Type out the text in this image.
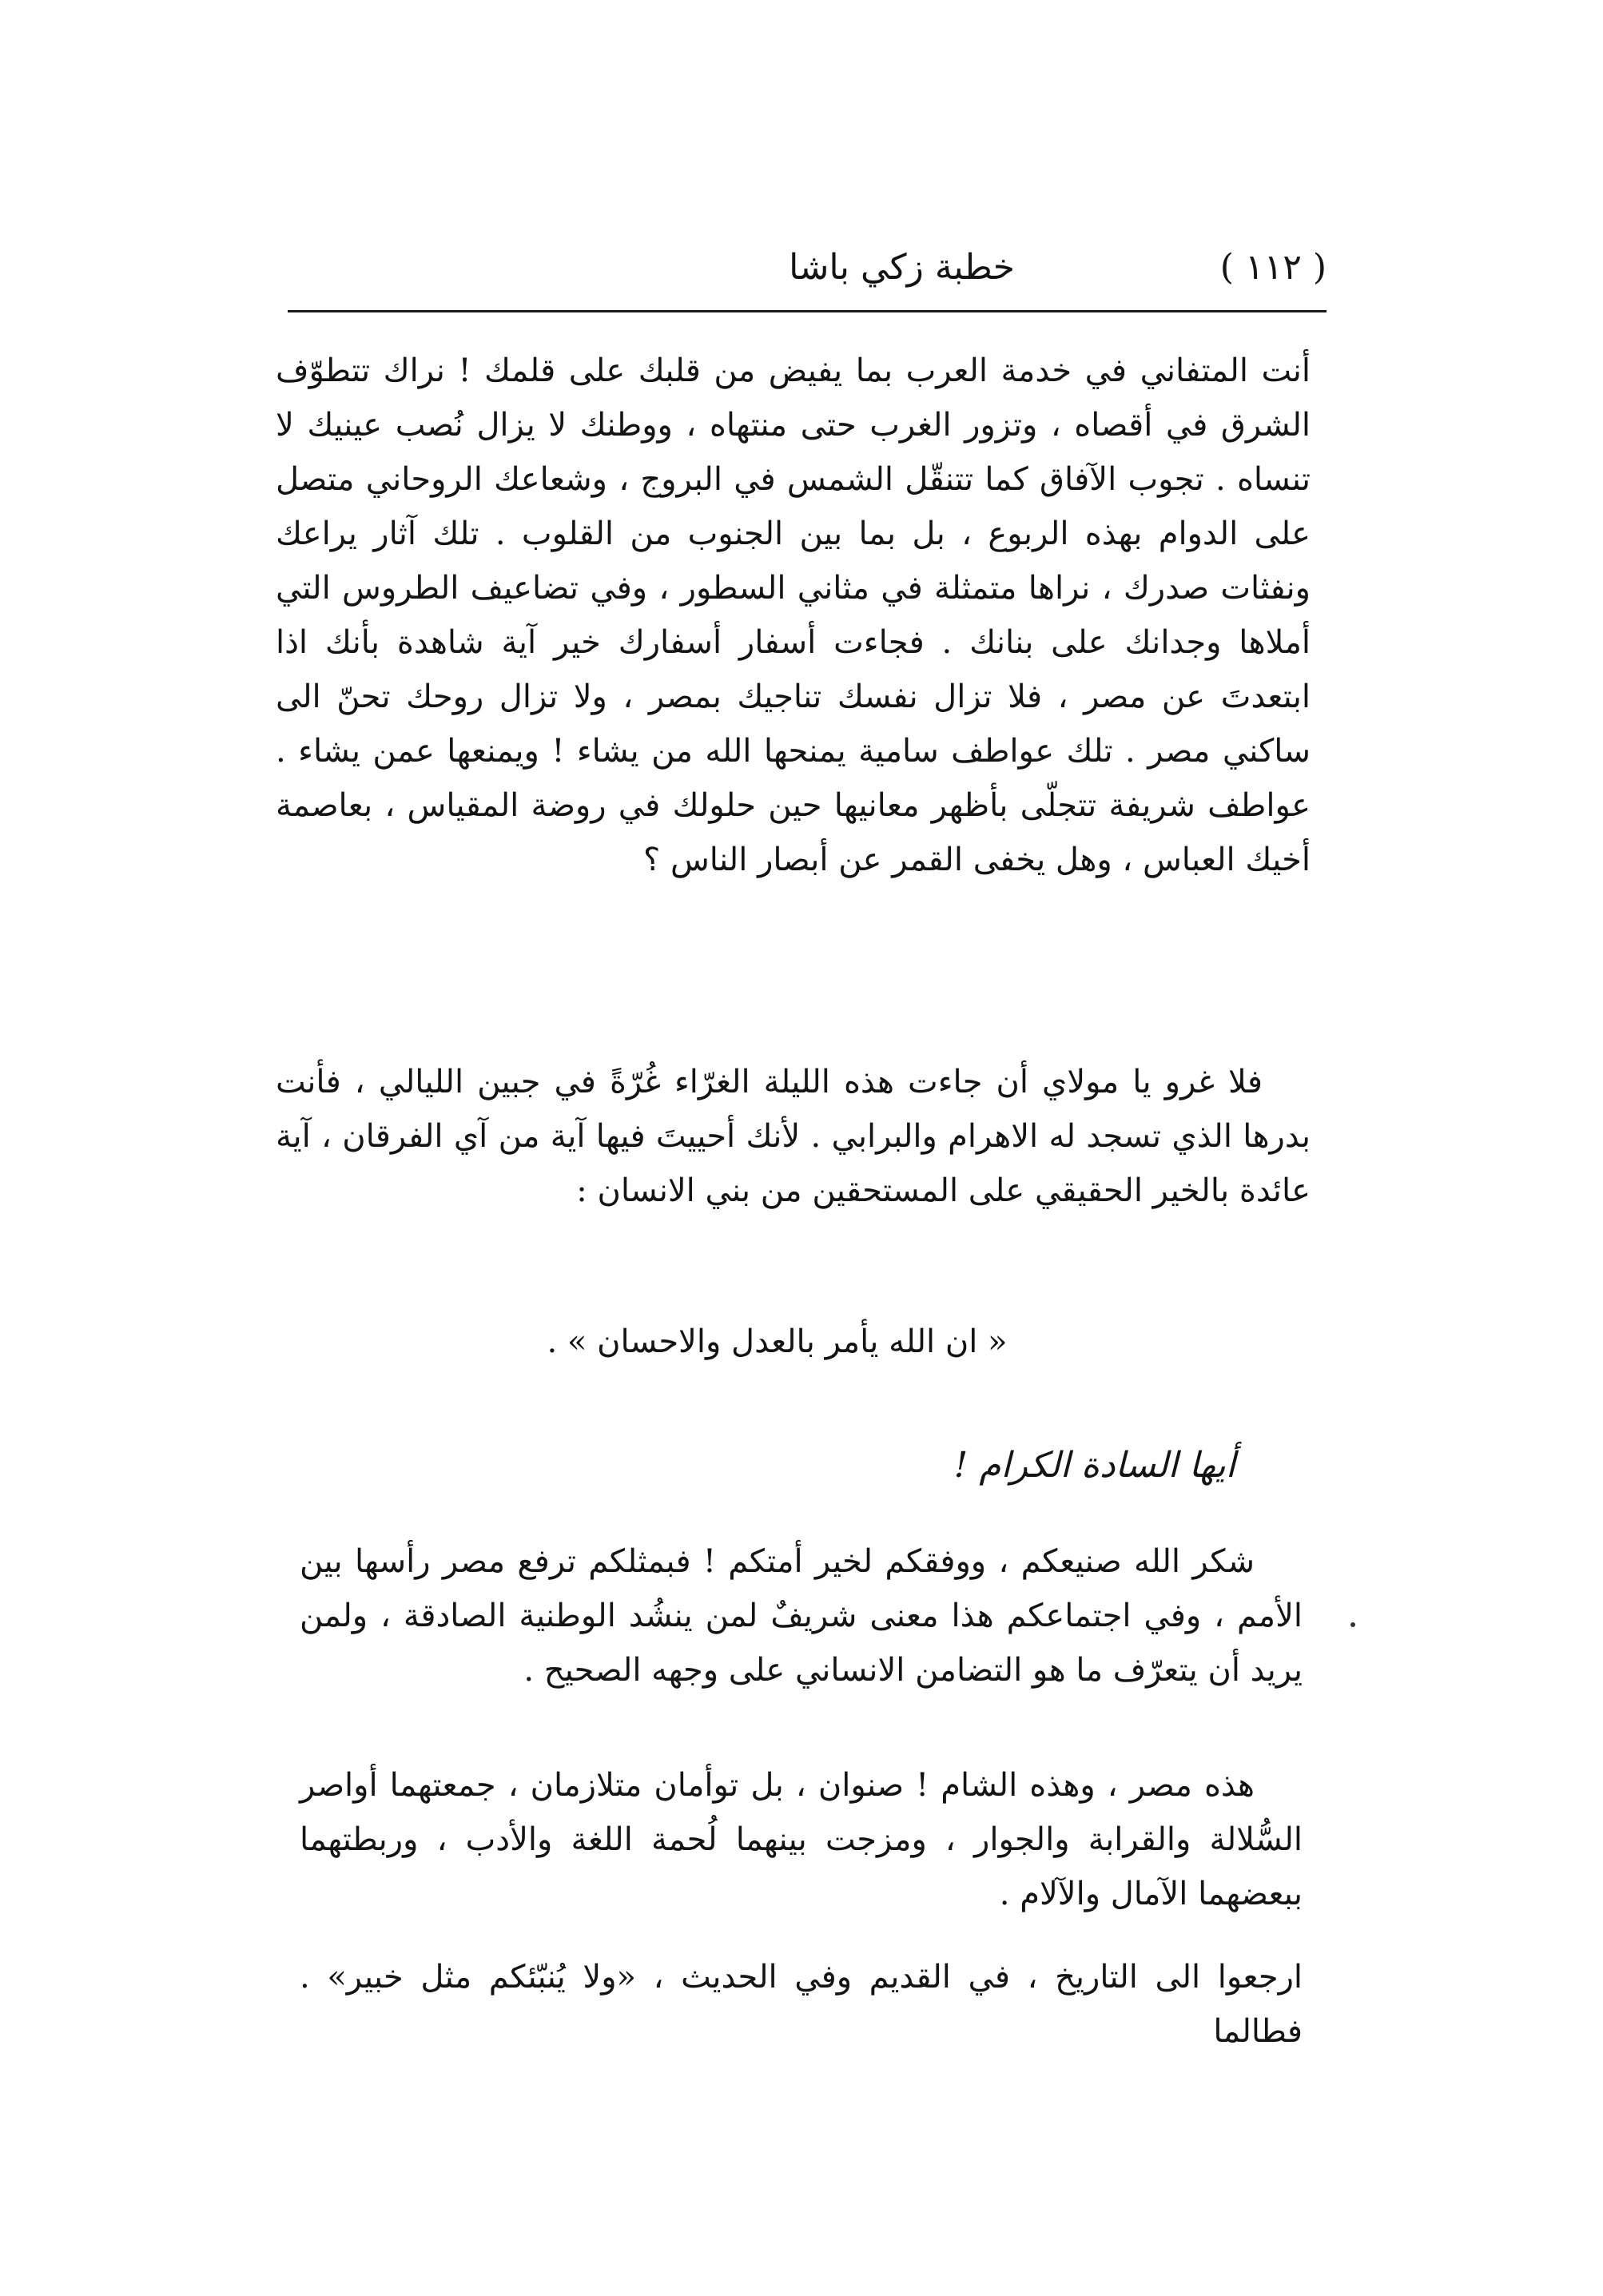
( ١١٢ )
خطبة زكي باشا

أنت المتفاني في خدمة العرب بما يفيض من قلبك على قلمك ! نراك تتطوّف الشرق في أقصاه ، وتزور الغرب حتى منتهاه ، ووطنك لا يزال نُصب عينيك لا تنساه . تجوب الآفاق كما تتنقّل الشمس في البروج ، وشعاعك الروحاني متصل على الدوام بهذه الربوع ، بل بما بين الجنوب من القلوب . تلك آثار يراعك ونفثات صدرك ، نراها متمثلة في مثاني السطور ، وفي تضاعيف الطروس التي أملاها وجدانك على بنانك . فجاءت أسفار أسفارك خير آية شاهدة بأنك اذا ابتعدتَ عن مصر ، فلا تزال نفسك تناجيك بمصر ، ولا تزال روحك تحنّ الى ساكني مصر . تلك عواطف سامية يمنحها الله من يشاء ! ويمنعها عمن يشاء . عواطف شريفة تتجلّى بأظهر معانيها حين حلولك في روضة المقياس ، بعاصمة أخيك العباس ، وهل يخفى القمر عن أبصار الناس ؟

فلا غرو يا مولاي أن جاءت هذه الليلة الغرّاء غُرّةً في جبين الليالي ، فأنت بدرها الذي تسجد له الاهرام والبرابي . لأنك أحييتَ فيها آية من آي الفرقان ، آية عائدة بالخير الحقيقي على المستحقين من بني الانسان :

« ان الله يأمر بالعدل والاحسان » .
أيها السادة الكرام !

شكر الله صنيعكم ، ووفقكم لخير أمتكم ! فبمثلكم ترفع مصر رأسها بين الأمم ، وفي اجتماعكم هذا معنى شريفٌ لمن ينشُد الوطنية الصادقة ، ولمن يريد أن يتعرّف ما هو التضامن الانساني على وجهه الصحيح .

هذه مصر ، وهذه الشام ! صنوان ، بل توأمان متلازمان ، جمعتهما أواصر السُّلالة والقرابة والجوار ، ومزجت بينهما لُحمة اللغة والأدب ، وربطتهما ببعضهما الآمال والآلام .

ارجعوا الى التاريخ ، في القديم وفي الحديث ، «ولا يُنبّئكم مثل خبير» . فطالما
